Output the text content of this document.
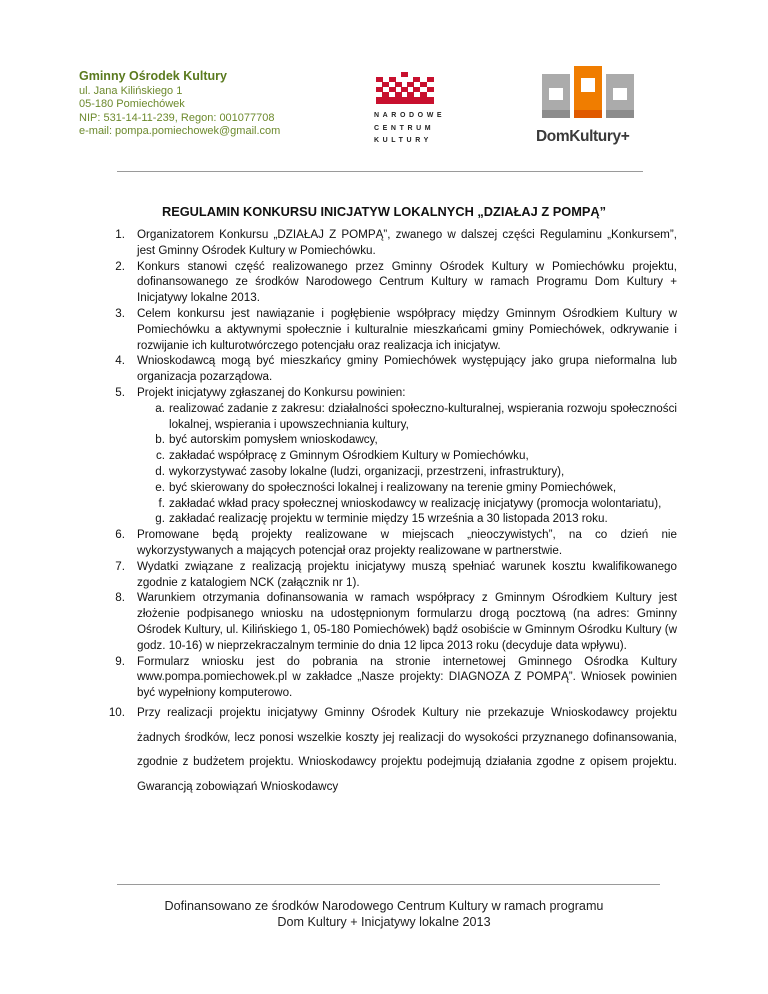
Gminny Ośrodek Kultury
ul. Jana Kilińskiego 1
05-180 Pomiechówek
NIP: 531-14-11-239, Regon: 001077708
e-mail: pompa.pomiechowek@gmail.com
NARODOWE
CENTRUM
KULTURY	DomKultury+
REGULAMIN KONKURSU INICJATYW LOKALNYCH „DZIAŁAJ Z POMPĄ”
1. Organizatorem Konkursu „DZIAŁAJ Z POMPĄ”, zwanego w dalszej części Regulaminu „Konkursem”, jest Gminny Ośrodek Kultury w Pomiechówku.
2. Konkurs stanowi część realizowanego przez Gminny Ośrodek Kultury w Pomiechówku projektu, dofinansowanego ze środków Narodowego Centrum Kultury w ramach Programu Dom Kultury + Inicjatywy lokalne 2013.
3. Celem konkursu jest nawiązanie i pogłębienie współpracy między Gminnym Ośrodkiem Kultury w Pomiechówku a aktywnymi społecznie i kulturalnie mieszkańcami gminy Pomiechówek, odkrywanie i rozwijanie ich kulturotwórczego potencjału oraz realizacja ich inicjatyw.
4. Wnioskodawcą mogą być mieszkańcy gminy Pomiechówek występujący jako grupa nieformalna lub organizacja pozarządowa.
5. Projekt inicjatywy zgłaszanej do Konkursu powinien:
a. realizować zadanie z zakresu: działalności społeczno-kulturalnej, wspierania rozwoju społeczności lokalnej, wspierania i upowszechniania kultury,
b. być autorskim pomysłem wnioskodawcy,
c. zakładać współpracę z Gminnym Ośrodkiem Kultury w Pomiechówku,
d. wykorzystywać zasoby lokalne (ludzi, organizacji, przestrzeni, infrastruktury),
e. być skierowany do społeczności lokalnej i realizowany na terenie gminy Pomiechówek,
f. zakładać wkład pracy społecznej wnioskodawcy w realizację inicjatywy (promocja wolontariatu),
g. zakładać realizację projektu w terminie między 15 września a 30 listopada 2013 roku.
6. Promowane będą projekty realizowane w miejscach „nieoczywistych”, na co dzień nie wykorzystywanych a mających potencjał oraz projekty realizowane w partnerstwie.
7. Wydatki związane z realizacją projektu inicjatywy muszą spełniać warunek kosztu kwalifikowanego zgodnie z katalogiem NCK (załącznik nr 1).
8. Warunkiem otrzymania dofinansowania w ramach współpracy z Gminnym Ośrodkiem Kultury jest złożenie podpisanego wniosku na udostępnionym formularzu drogą pocztową (na adres: Gminny Ośrodek Kultury, ul. Kilińskiego 1, 05-180 Pomiechówek) bądź osobiście w Gminnym Ośrodku Kultury (w godz. 10-16) w nieprzekraczalnym terminie do dnia 12 lipca 2013 roku (decyduje data wpływu).
9. Formularz wniosku jest do pobrania na stronie internetowej Gminnego Ośrodka Kultury www.pompa.pomiechowek.pl w zakładce „Nasze projekty: DIAGNOZA Z POMPĄ”. Wniosek powinien być wypełniony komputerowo.
10. Przy realizacji projektu inicjatywy Gminny Ośrodek Kultury nie przekazuje Wnioskodawcy projektu żadnych środków, lecz ponosi wszelkie koszty jej realizacji do wysokości przyznanego dofinansowania, zgodnie z budżetem projektu. Wnioskodawcy projektu podejmują działania zgodne z opisem projektu. Gwarancją zobowiązań Wnioskodawcy
Dofinansowano ze środków Narodowego Centrum Kultury w ramach programu
Dom Kultury + Inicjatywy lokalne 2013
